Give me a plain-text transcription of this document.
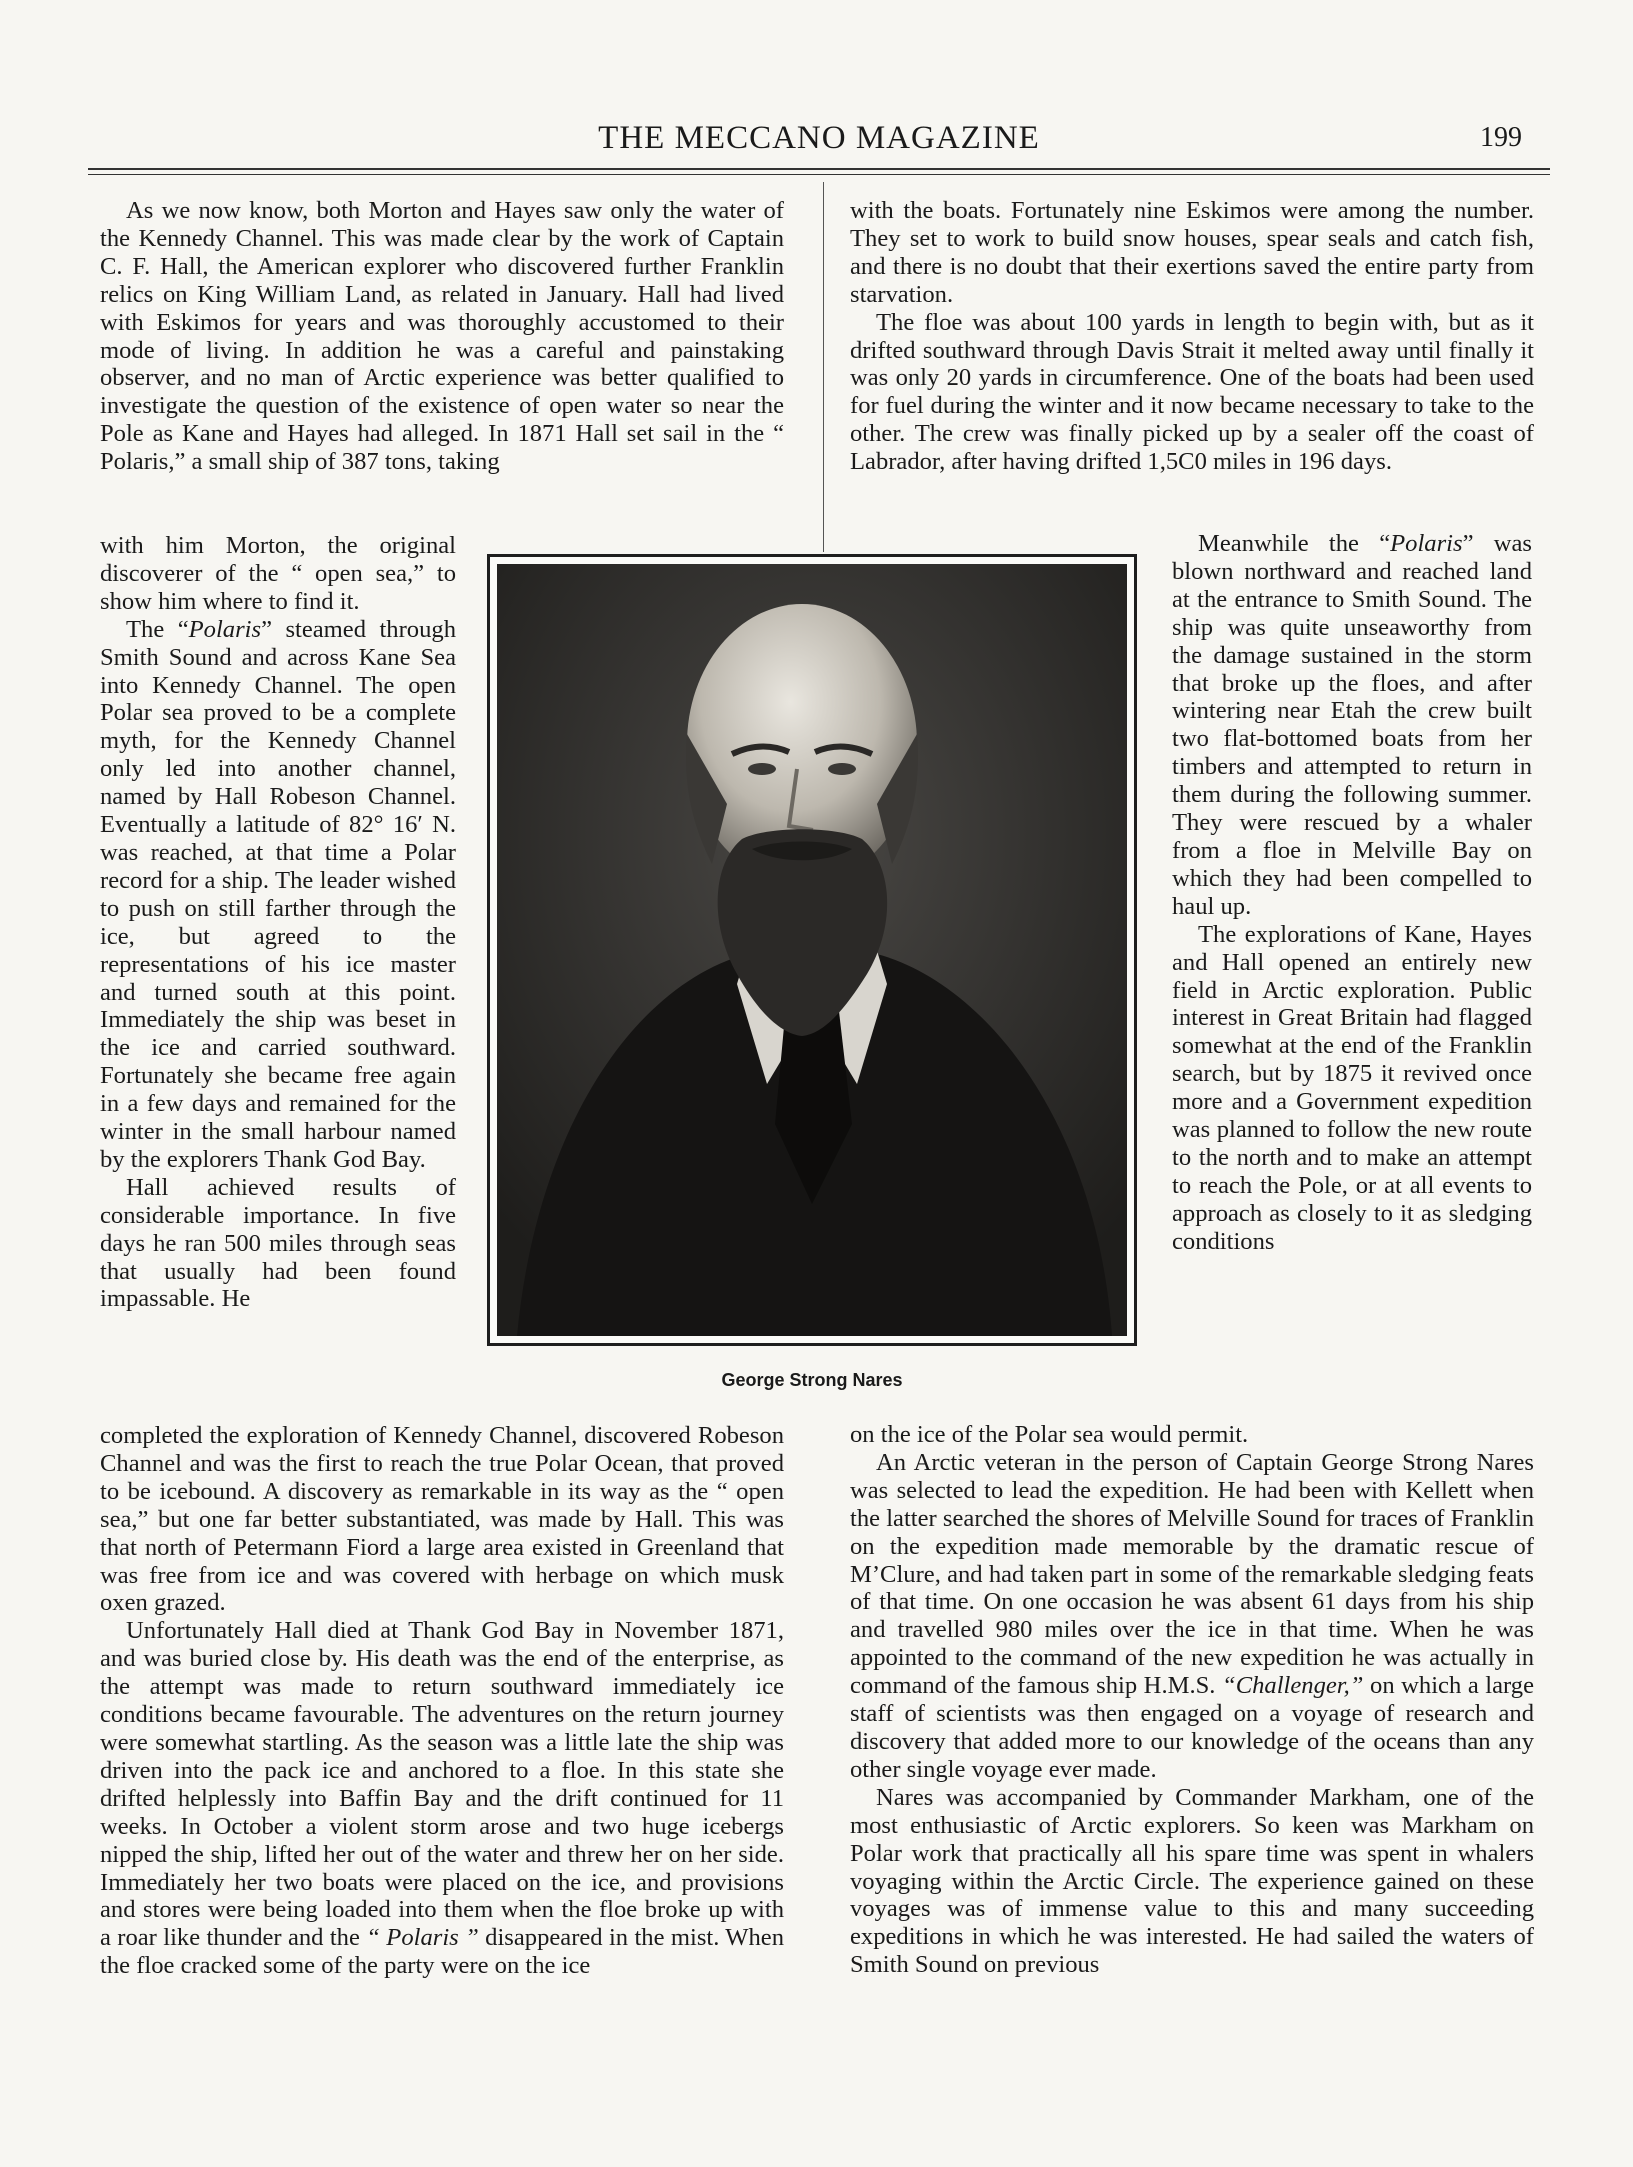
THE MECCANO MAGAZINE	199

As we now know, both Morton and Hayes saw only the water of the Kennedy Channel. This was made clear by the work of Captain C. F. Hall, the American explorer who discovered further Franklin relics on King William Land, as related in January. Hall had lived with Eskimos for years and was thoroughly accustomed to their mode of living. In addition he was a careful and painstaking observer, and no man of Arctic experience was better qualified to investigate the question of the existence of open water so near the Pole as Kane and Hayes had alleged. In 1871 Hall set sail in the “ Polaris,” a small ship of 387 tons, taking

with him Morton, the original discoverer of the “ open sea,” to show him where to find it.

The “Polaris” steamed through Smith Sound and across Kane Sea into Kennedy Channel. The open Polar sea proved to be a complete myth, for the Kennedy Channel only led into another channel, named by Hall Robeson Channel. Eventually a latitude of 82° 16′ N. was reached, at that time a Polar record for a ship. The leader wished to push on still farther through the ice, but agreed to the representations of his ice master and turned south at this point. Immediately the ship was beset in the ice and carried southward. Fortunately she became free again in a few days and remained for the winter in the small harbour named by the explorers Thank God Bay.

Hall achieved results of considerable importance. In five days he ran 500 miles through seas that usually had been found impassable. He

completed the exploration of Kennedy Channel, discovered Robeson Channel and was the first to reach the true Polar Ocean, that proved to be icebound. A discovery as remarkable in its way as the “ open sea,” but one far better substantiated, was made by Hall. This was that north of Petermann Fiord a large area existed in Greenland that was free from ice and was covered with herbage on which musk oxen grazed.

Unfortunately Hall died at Thank God Bay in November 1871, and was buried close by. His death was the end of the enterprise, as the attempt was made to return southward immediately ice conditions became favourable. The adventures on the return journey were somewhat startling. As the season was a little late the ship was driven into the pack ice and anchored to a floe. In this state she drifted helplessly into Baffin Bay and the drift continued for 11 weeks. In October a violent storm arose and two huge icebergs nipped the ship, lifted her out of the water and threw her on her side. Immediately her two boats were placed on the ice, and provisions and stores were being loaded into them when the floe broke up with a roar like thunder and the “ Polaris ” disappeared in the mist. When the floe cracked some of the party were on the ice

with the boats. Fortunately nine Eskimos were among the number. They set to work to build snow houses, spear seals and catch fish, and there is no doubt that their exertions saved the entire party from starvation.

The floe was about 100 yards in length to begin with, but as it drifted southward through Davis Strait it melted away until finally it was only 20 yards in circumference. One of the boats had been used for fuel during the winter and it now became necessary to take to the other. The crew was finally picked up by a sealer off the coast of Labrador, after having drifted 1,5C0 miles in 196 days.

Meanwhile the “Polaris” was blown northward and reached land at the entrance to Smith Sound. The ship was quite unseaworthy from the damage sustained in the storm that broke up the floes, and after wintering near Etah the crew built two flat-bottomed boats from her timbers and attempted to return in them during the following summer. They were rescued by a whaler from a floe in Melville Bay on which they had been compelled to haul up.

The explorations of Kane, Hayes and Hall opened an entirely new field in Arctic exploration. Public interest in Great Britain had flagged somewhat at the end of the Franklin search, but by 1875 it revived once more and a Government expedition was planned to follow the new route to the north and to make an attempt to reach the Pole, or at all events to approach as closely to it as sledging conditions

on the ice of the Polar sea would permit.

An Arctic veteran in the person of Captain George Strong Nares was selected to lead the expedition. He had been with Kellett when the latter searched the shores of Melville Sound for traces of Franklin on the expedition made memorable by the dramatic rescue of M’Clure, and had taken part in some of the remarkable sledging feats of that time. On one occasion he was absent 61 days from his ship and travelled 980 miles over the ice in that time. When he was appointed to the command of the new expedition he was actually in command of the famous ship H.M.S. “Challenger,” on which a large staff of scientists was then engaged on a voyage of research and discovery that added more to our knowledge of the oceans than any other single voyage ever made.

Nares was accompanied by Commander Markham, one of the most enthusiastic of Arctic explorers. So keen was Markham on Polar work that practically all his spare time was spent in whalers voyaging within the Arctic Circle. The experience gained on these voyages was of immense value to this and many succeeding expeditions in which he was interested. He had sailed the waters of Smith Sound on previous

George Strong Nares
